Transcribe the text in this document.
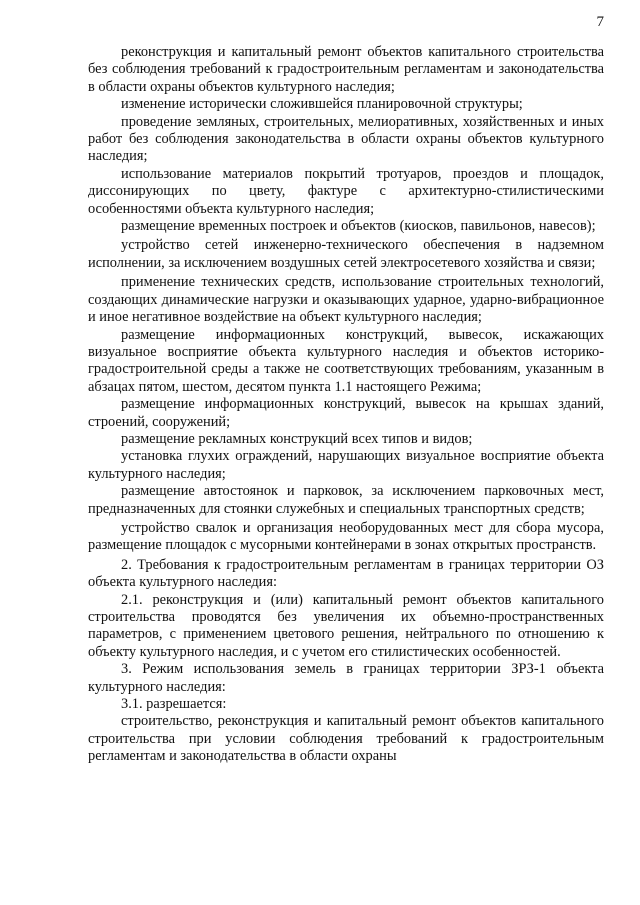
7

реконструкция и капитальный ремонт объектов капитального строительства без соблюдения требований к градостроительным регламентам и законодательства в области охраны объектов культурного наследия;

изменение исторически сложившейся планировочной структуры;

проведение земляных, строительных, мелиоративных, хозяйственных и иных работ без соблюдения законодательства в области охраны объектов культурного наследия;

использование материалов покрытий тротуаров, проездов и площадок, диссонирующих по цвету, фактуре с архитектурно-стилистическими особенностями объекта культурного наследия;

размещение временных построек и объектов (киосков, павильонов, навесов);

устройство сетей инженерно-технического обеспечения в надземном исполнении, за исключением воздушных сетей электросетевого хозяйства и связи;

применение технических средств, использование строительных технологий, создающих динамические нагрузки и оказывающих ударное, ударно-вибрационное и иное негативное воздействие на объект культурного наследия;

размещение информационных конструкций, вывесок, искажающих визуальное восприятие объекта культурного наследия и объектов историко-градостроительной среды а также не соответствующих требованиям, указанным в абзацах пятом, шестом, десятом пункта 1.1 настоящего Режима;

размещение информационных конструкций, вывесок на крышах зданий, строений, сооружений;

размещение рекламных конструкций всех типов и видов;

установка глухих ограждений, нарушающих визуальное восприятие объекта культурного наследия;

размещение автостоянок и парковок, за исключением парковочных мест, предназначенных для стоянки служебных и специальных транспортных средств;

устройство свалок и организация необорудованных мест для сбора мусора, размещение площадок с мусорными контейнерами в зонах открытых пространств.

2. Требования к градостроительным регламентам в границах территории ОЗ объекта культурного наследия:

2.1. реконструкция и (или) капитальный ремонт объектов капитального строительства проводятся без увеличения их объемно-пространственных параметров, с применением цветового решения, нейтрального по отношению к объекту культурного наследия, и с учетом его стилистических особенностей.

3. Режим использования земель в границах территории ЗРЗ-1 объекта культурного наследия:

3.1. разрешается:

строительство, реконструкция и капитальный ремонт объектов капитального строительства при условии соблюдения требований к градостроительным регламентам и законодательства в области охраны
